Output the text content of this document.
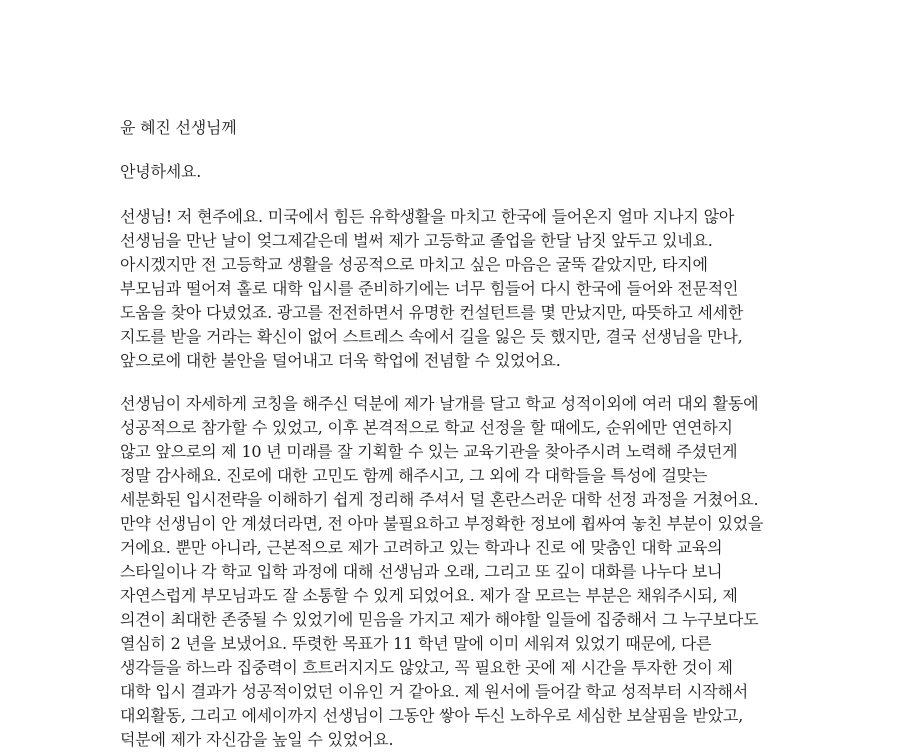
윤 혜진 선생님께
안녕하세요.
선생님! 저 현주에요. 미국에서 힘든 유학생활을 마치고 한국에 들어온지 얼마 지나지 않아
선생님을 만난 날이 엊그제같은데 벌써 제가 고등학교 졸업을 한달 남짓 앞두고 있네요.
아시겠지만 전 고등학교 생활을 성공적으로 마치고 싶은 마음은 굴뚝 같았지만, 타지에
부모님과 떨어져 홀로 대학 입시를 준비하기에는 너무 힘들어 다시 한국에 들어와 전문적인
도움을 찾아 다녔었죠. 광고를 전전하면서 유명한 컨설턴트를 몇 만났지만, 따뜻하고 세세한
지도를 받을 거라는 확신이 없어 스트레스 속에서 길을 잃은 듯 했지만, 결국 선생님을 만나,
앞으로에 대한 불안을 덜어내고 더욱 학업에 전념할 수 있었어요.
선생님이 자세하게 코칭을 해주신 덕분에 제가 날개를 달고 학교 성적이외에 여러 대외 활동에
성공적으로 참가할 수 있었고, 이후 본격적으로 학교 선정을 할 때에도, 순위에만 연연하지
않고 앞으로의 제 10 년 미래를 잘 기획할 수 있는 교육기관을 찾아주시려 노력해 주셨던게
정말 감사해요. 진로에 대한 고민도 함께 해주시고, 그 외에 각 대학들을 특성에 걸맞는
세분화된 입시전략을 이해하기 쉽게 정리해 주셔서 덜 혼란스러운 대학 선정 과정을 거쳤어요.
만약 선생님이 안 계셨더라면, 전 아마 불필요하고 부정확한 정보에 휩싸여 놓친 부분이 있었을
거에요. 뿐만 아니라, 근본적으로 제가 고려하고 있는 학과나 진로 에 맞춤인 대학 교육의
스타일이나 각 학교 입학 과정에 대해 선생님과 오래, 그리고 또 깊이 대화를 나누다 보니
자연스럽게 부모님과도 잘 소통할 수 있게 되었어요. 제가 잘 모르는 부분은 채워주시되, 제
의견이 최대한 존중될 수 있었기에 믿음을 가지고 제가 해야할 일들에 집중해서 그 누구보다도
열심히 2 년을 보냈어요. 뚜렷한 목표가 11 학년 말에 이미 세워져 있었기 때문에, 다른
생각들을 하느라 집중력이 흐트러지지도 않았고, 꼭 필요한 곳에 제 시간을 투자한 것이 제
대학 입시 결과가 성공적이었던 이유인 거 같아요. 제 원서에 들어갈 학교 성적부터 시작해서
대외활동, 그리고 에세이까지 선생님이 그동안 쌓아 두신 노하우로 세심한 보살핌을 받았고,
덕분에 제가 자신감을 높일 수 있었어요.
